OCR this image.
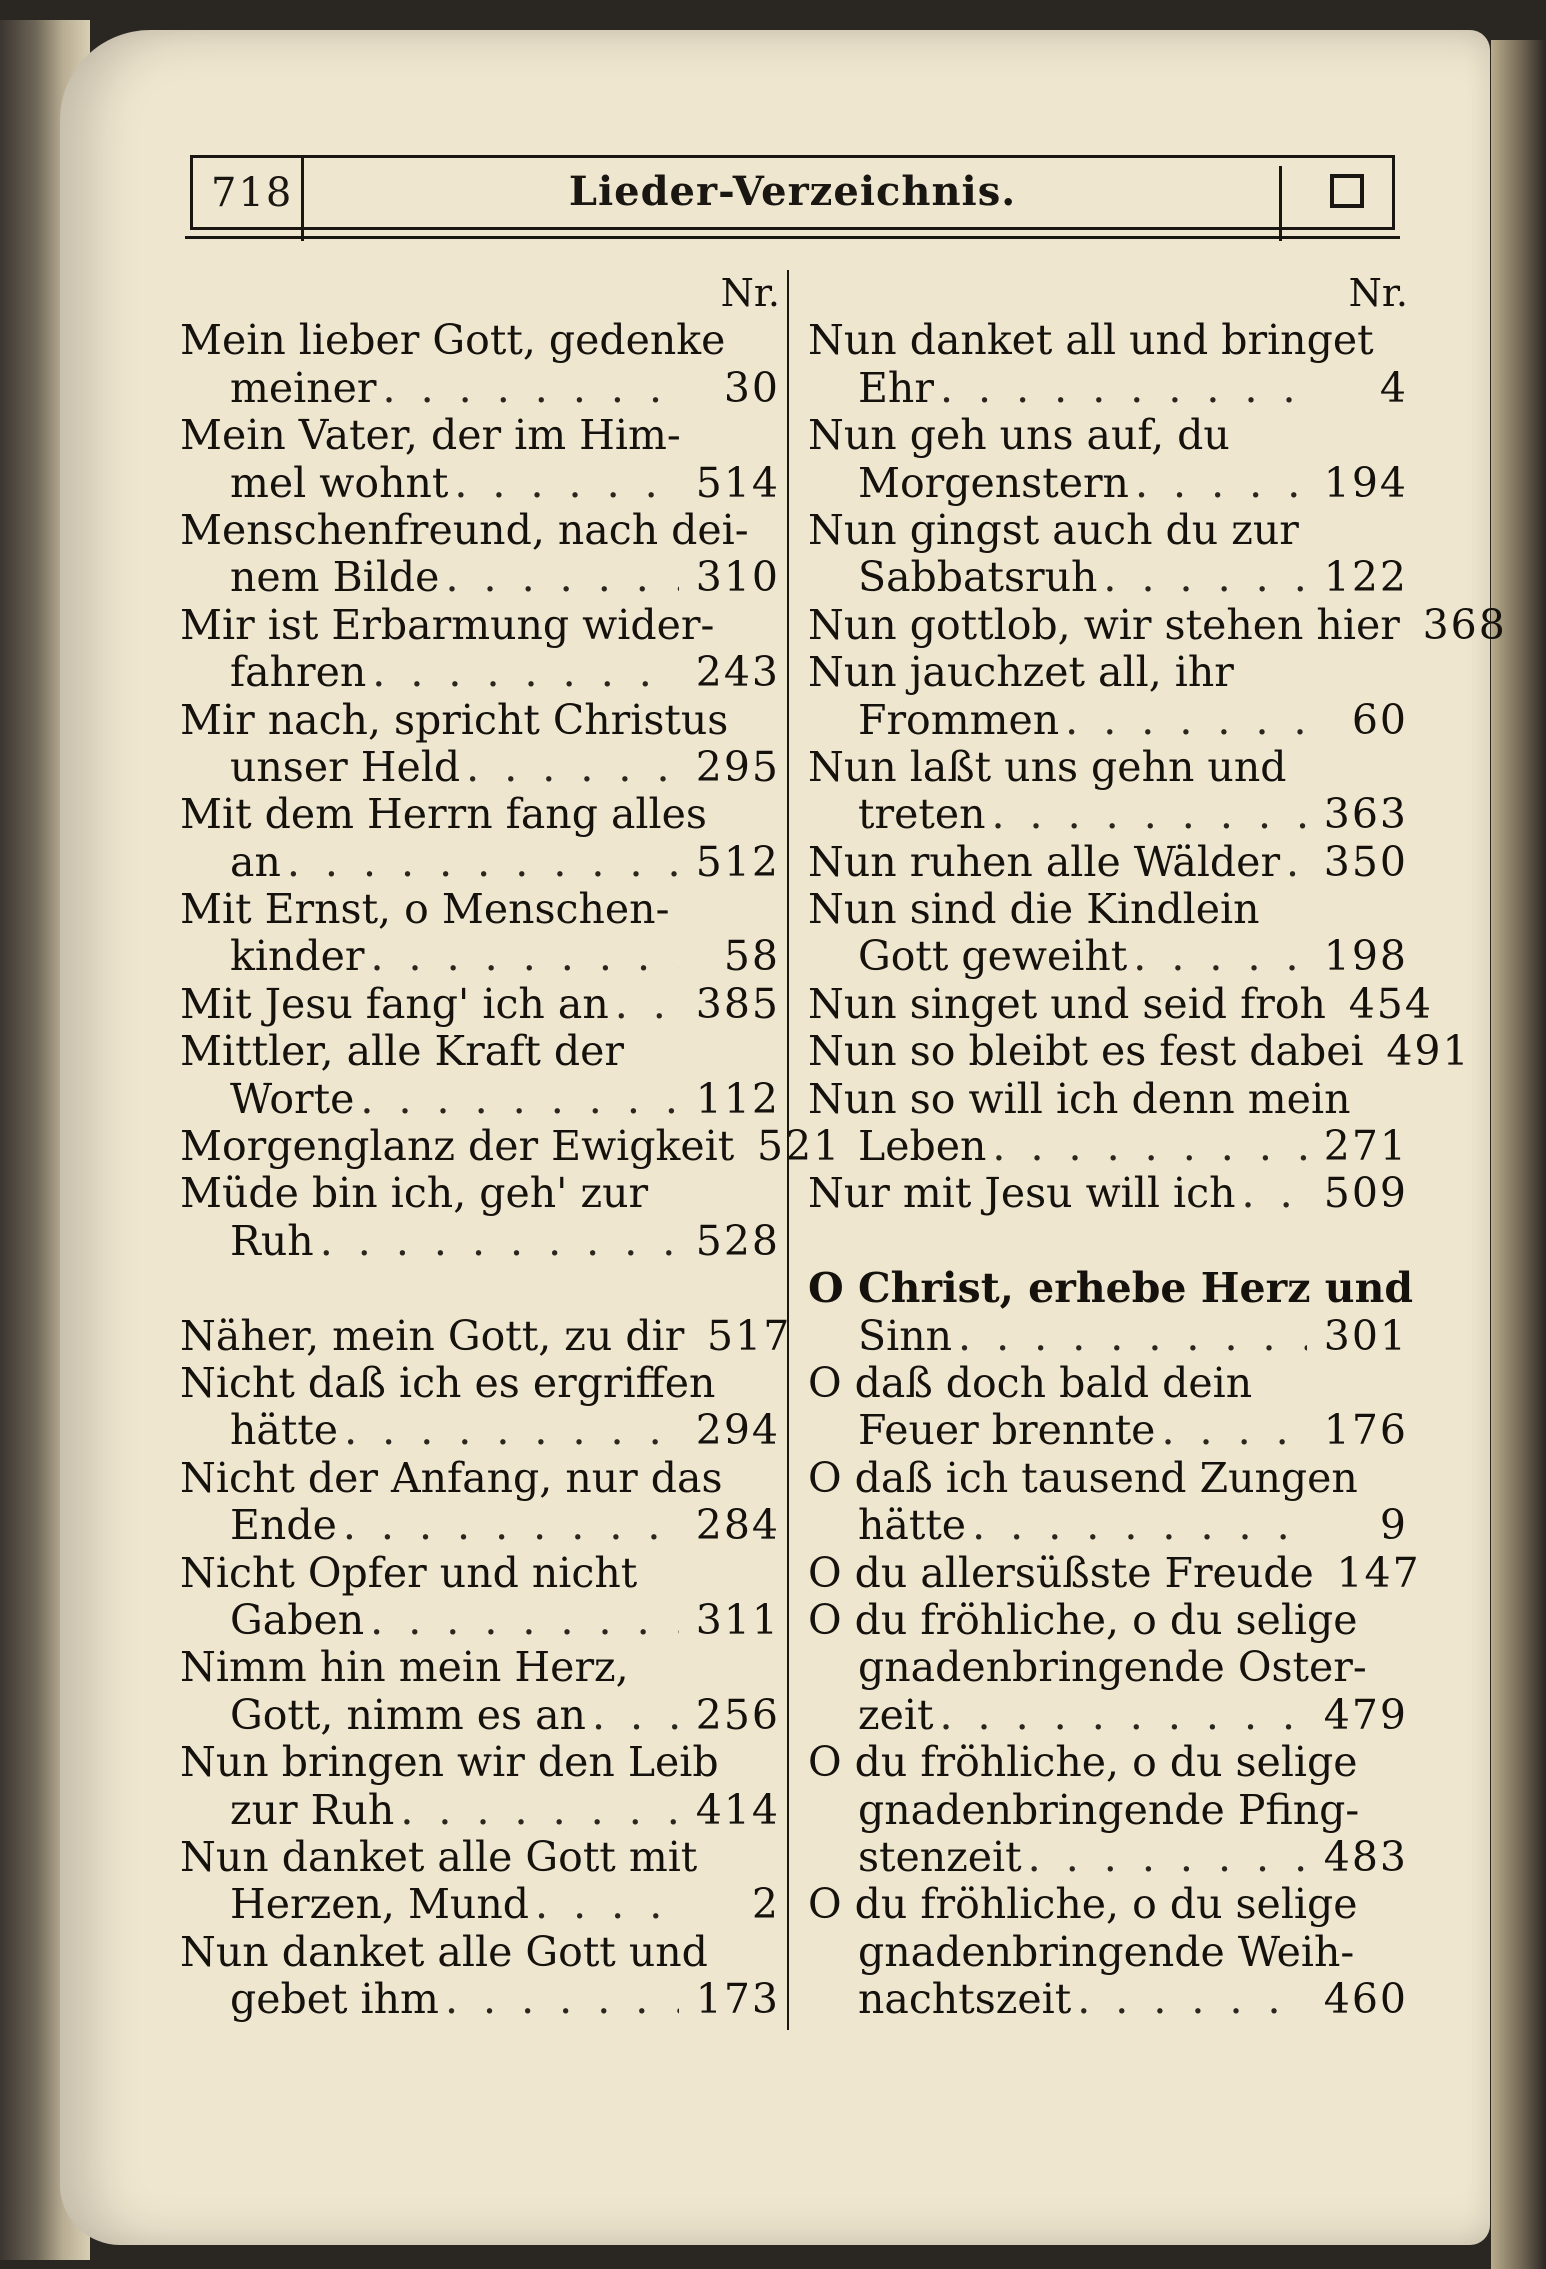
718	Lieder-Verzeichnis.
Nr.
Mein lieber Gott, gedenke
meiner . . .	30
Mein Vater, der im Him-
mel wohnt . . .	514
Menschenfreund, nach dei-
nem Bilde . . .	310
Mir ist Erbarmung wider-
fahren . . .	243
Mir nach, spricht Christus
unser Held . . .	295
Mit dem Herrn fang alles
an . . .	512
Mit Ernst, o Menschen-
kinder . . .	58
Mit Jesu fang' ich an . . . 385
Mittler, alle Kraft der
Worte . . .	112
Morgenglanz der Ewigkeit 521
Müde bin ich, geh' zur
Ruh . . .	528
Näher, mein Gott, zu dir 517
Nicht daß ich es ergriffen
hätte . . .	294
Nicht der Anfang, nur das
Ende . . .	284
Nicht Opfer und nicht
Gaben . . .	311
Nimm hin mein Herz,
Gott, nimm es an . . .	256
Nun bringen wir den Leib
zur Ruh . . .	414
Nun danket alle Gott mit
Herzen, Mund . . .	2
Nun danket alle Gott und
gebet ihm . . .	173
Nr.
Nun danket all und bringet
Ehr . . .	4
Nun geh uns auf, du
Morgenstern . . .	194
Nun gingst auch du zur
Sabbatsruh . . .	122
Nun gottlob, wir stehen hier 368
Nun jauchzet all, ihr
Frommen . . .	60
Nun laßt uns gehn und
treten . . .	363
Nun ruhen alle Wälder . . . 350
Nun sind die Kindlein
Gott geweiht . . .	198
Nun singet und seid froh 454
Nun so bleibt es fest dabei 491
Nun so will ich denn mein
Leben . . .	271
Nur mit Jesu will ich . . . 509
O Christ, erhebe Herz und
Sinn . . .	301
O daß doch bald dein
Feuer brennte . . .	176
O daß ich tausend Zungen
hätte . . .	9
O du allersüßste Freude 147
O du fröhliche, o du selige
gnadenbringende Oster-
zeit . . .	479
O du fröhliche, o du selige
gnadenbringende Pfing-
stenzeit . . .	483
O du fröhliche, o du selige
gnadenbringende Weih-
nachtszeit . . .	460
